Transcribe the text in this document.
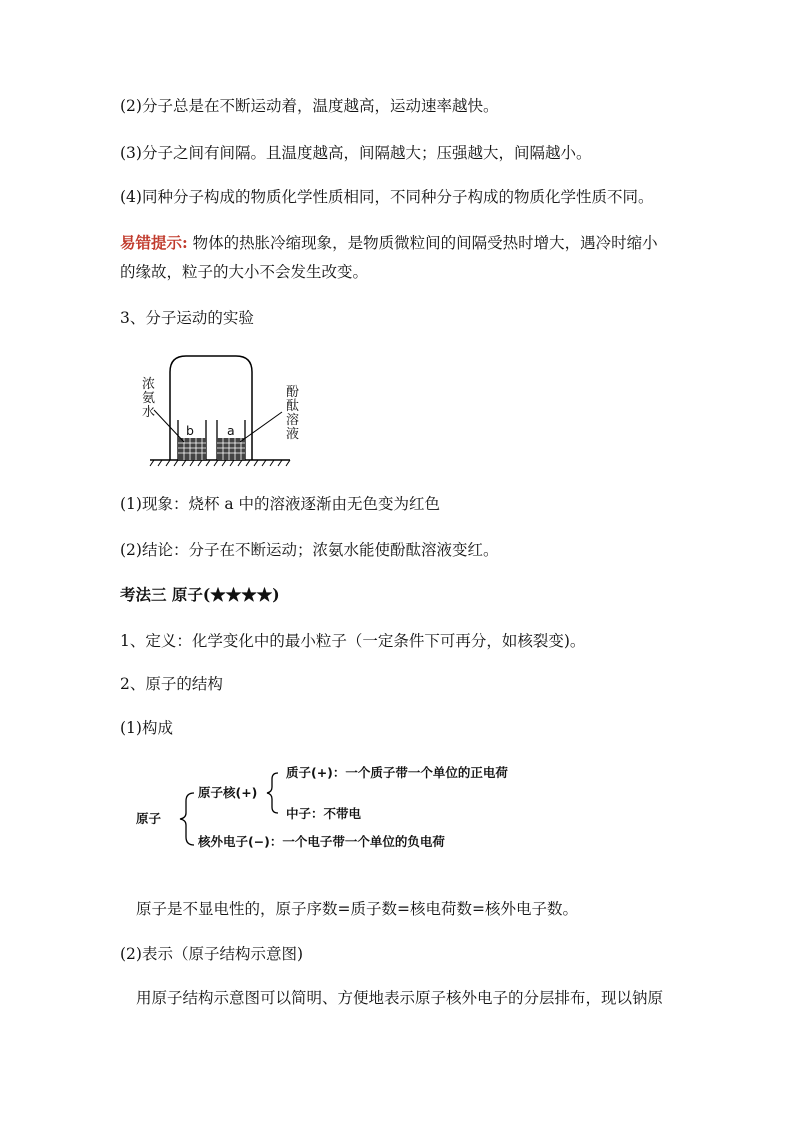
(2)分子总是在不断运动着，温度越高，运动速率越快。
(3)分子之间有间隔。且温度越高，间隔越大；压强越大，间隔越小。
(4)同种分子构成的物质化学性质相同，不同种分子构成的物质化学性质不同。
易错提示: 物体的热胀冷缩现象，是物质微粒间的间隔受热时增大，遇冷时缩小
的缘故，粒子的大小不会发生改变。
3、分子运动的实验
b	a
浓
氨
水
酚
酞
溶
液
(1)现象：烧杯 a 中的溶液逐渐由无色变为红色
(2)结论：分子在不断运动；浓氨水能使酚酞溶液变红。
考法三 原子(★★★★)
1、定义：化学变化中的最小粒子（一定条件下可再分，如核裂变)。
2、原子的结构
(1)构成
原子
原子核(+)
质子(+)：一个质子带一个单位的正电荷
中子：不带电
核外电子(−)：一个电子带一个单位的负电荷
原子是不显电性的，原子序数=质子数=核电荷数=核外电子数。
(2)表示（原子结构示意图)
用原子结构示意图可以简明、方便地表示原子核外电子的分层排布，现以钠原
